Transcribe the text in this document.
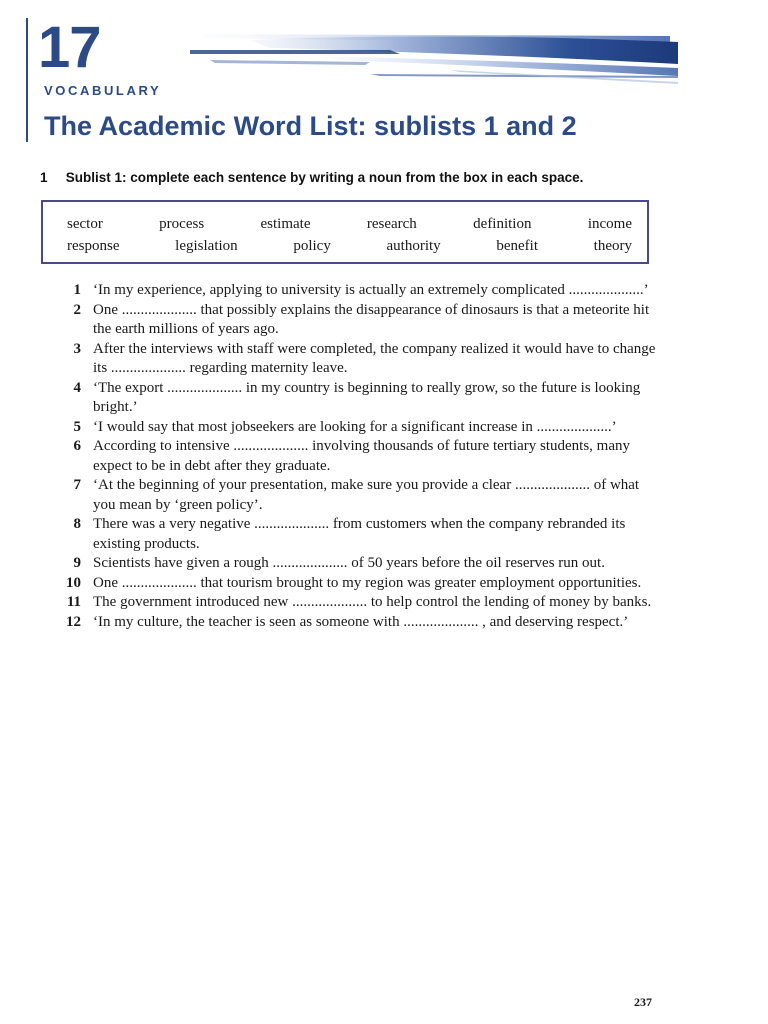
17
VOCABULARY
The Academic Word List: sublists 1 and 2
1 Sublist 1: complete each sentence by writing a noun from the box in each space.
sector	process	estimate	research	definition	income
response	legislation	policy	authority	benefit	theory
1 ‘In my experience, applying to university is actually an extremely complicated ....................’
2 One .................... that possibly explains the disappearance of dinosaurs is that a meteorite hit the earth millions of years ago.
3 After the interviews with staff were completed, the company realized it would have to change its .................... regarding maternity leave.
4 ‘The export .................... in my country is beginning to really grow, so the future is looking bright.’
5 ‘I would say that most jobseekers are looking for a significant increase in ....................’
6 According to intensive .................... involving thousands of future tertiary students, many expect to be in debt after they graduate.
7 ‘At the beginning of your presentation, make sure you provide a clear .................... of what you mean by ‘green policy’.
8 There was a very negative .................... from customers when the company rebranded its existing products.
9 Scientists have given a rough .................... of 50 years before the oil reserves run out.
10 One .................... that tourism brought to my region was greater employment opportunities.
11 The government introduced new .................... to help control the lending of money by banks.
12 ‘In my culture, the teacher is seen as someone with .................... , and deserving respect.’
237
